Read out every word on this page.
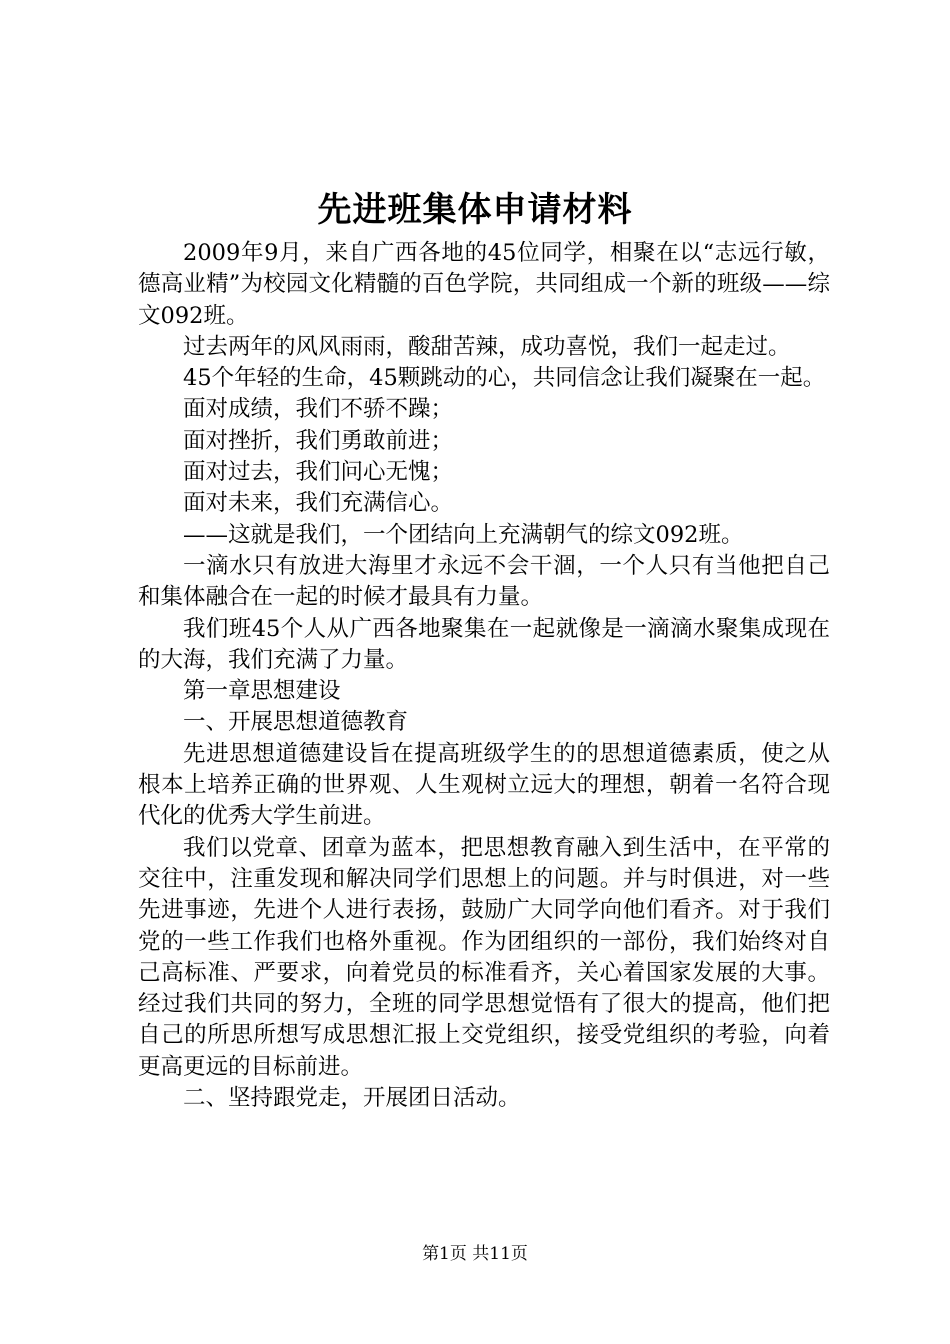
先进班集体申请材料

2009年9月，来自广西各地的45位同学，相聚在以“志远行敏，德高业精”为校园文化精髓的百色学院，共同组成一个新的班级——综文092班。

过去两年的风风雨雨，酸甜苦辣，成功喜悦，我们一起走过。

45个年轻的生命，45颗跳动的心，共同信念让我们凝聚在一起。

面对成绩，我们不骄不躁；

面对挫折，我们勇敢前进；

面对过去，我们问心无愧；

面对未来，我们充满信心。

——这就是我们，一个团结向上充满朝气的综文092班。

一滴水只有放进大海里才永远不会干涸，一个人只有当他把自己和集体融合在一起的时候才最具有力量。

我们班45个人从广西各地聚集在一起就像是一滴滴水聚集成现在的大海，我们充满了力量。

第一章思想建设

一、开展思想道德教育

先进思想道德建设旨在提高班级学生的的思想道德素质，使之从根本上培养正确的世界观、人生观树立远大的理想，朝着一名符合现代化的优秀大学生前进。

我们以党章、团章为蓝本，把思想教育融入到生活中，在平常的交往中，注重发现和解决同学们思想上的问题。并与时俱进，对一些先进事迹，先进个人进行表扬，鼓励广大同学向他们看齐。对于我们党的一些工作我们也格外重视。作为团组织的一部份，我们始终对自己高标准、严要求，向着党员的标准看齐，关心着国家发展的大事。经过我们共同的努力，全班的同学思想觉悟有了很大的提高，他们把自己的所思所想写成思想汇报上交党组织，接受党组织的考验，向着更高更远的目标前进。

二、坚持跟党走，开展团日活动。

第1页 共11页
